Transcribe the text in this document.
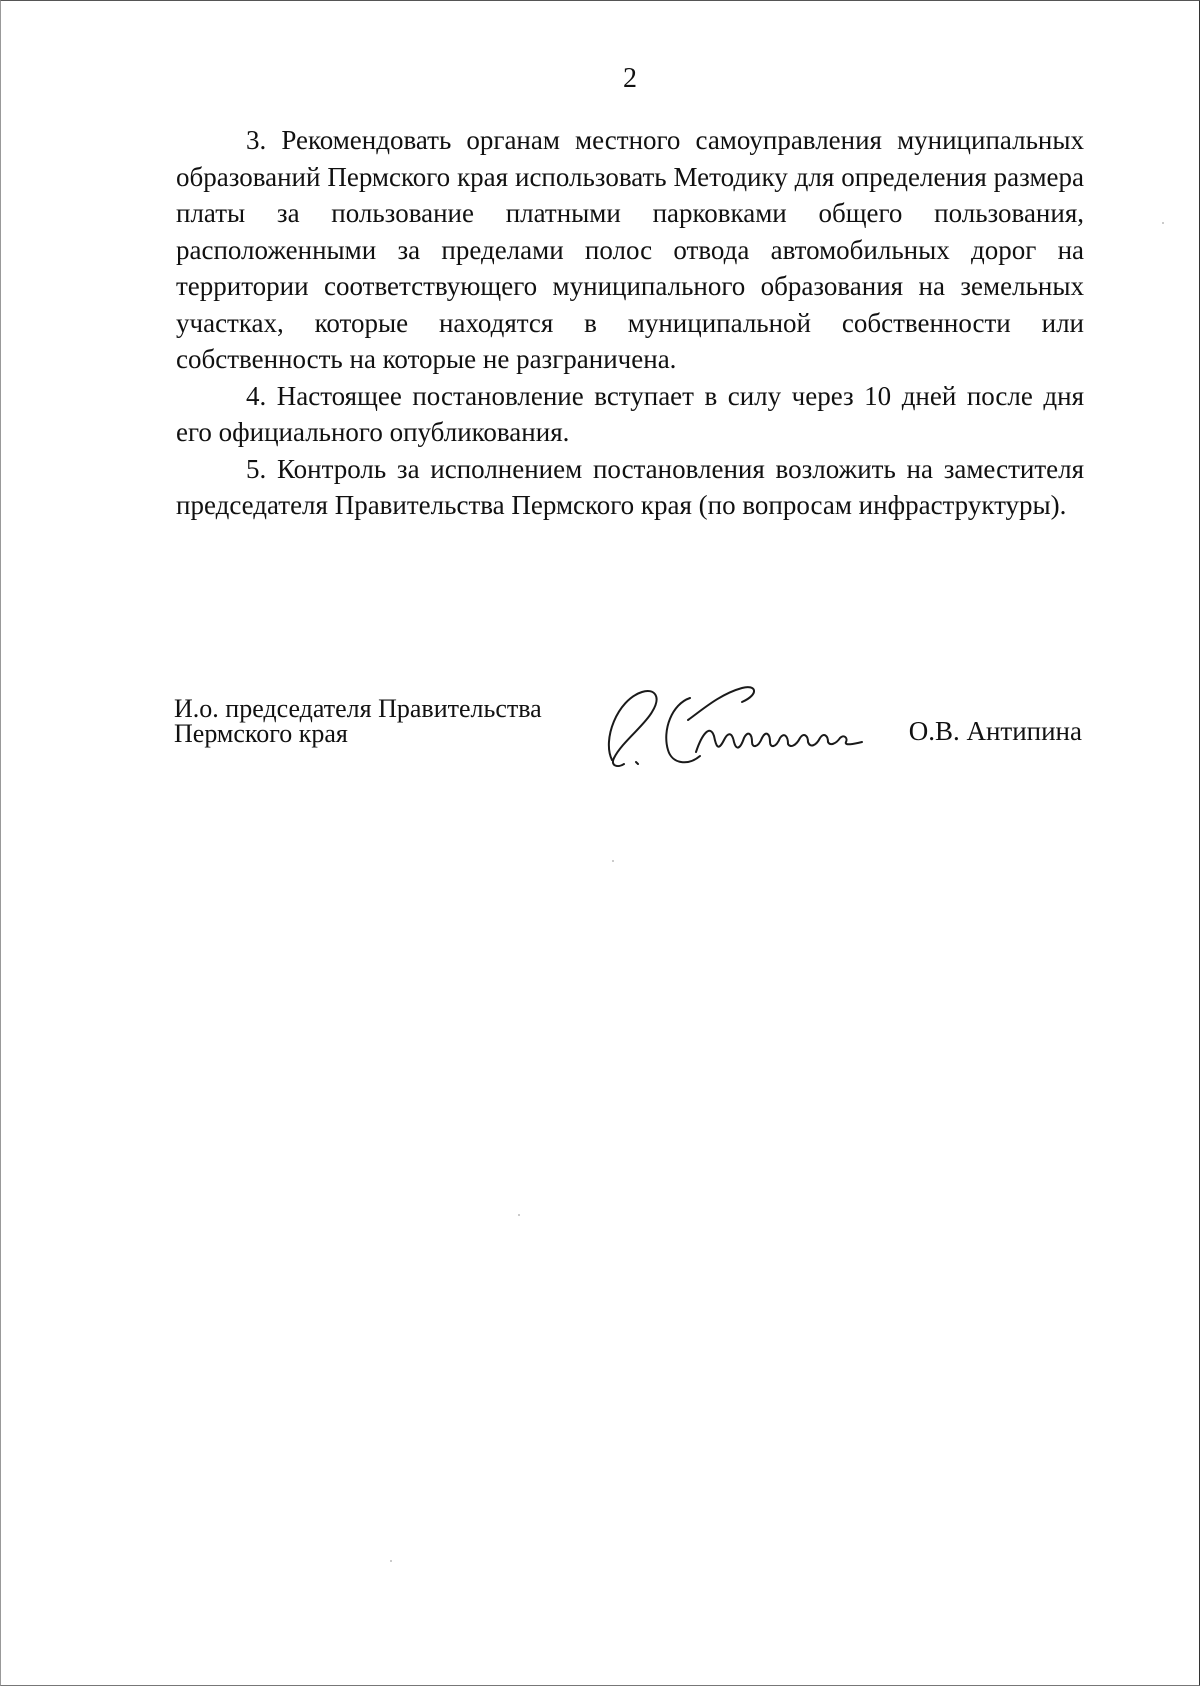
2

3. Рекомендовать органам местного самоуправления муниципальных образований Пермского края использовать Методику для определения размера платы за пользование платными парковками общего пользования, расположенными за пределами полос отвода автомобильных дорог на территории соответствующего муниципального образования на земельных участках, которые находятся в муниципальной собственности или собственность на которые не разграничена.

4. Настоящее постановление вступает в силу через 10 дней после дня его официального опубликования.

5. Контроль за исполнением постановления возложить на заместителя председателя Правительства Пермского края (по вопросам инфраструктуры).

И.о. председателя Правительства
Пермского края	О.В. Антипина
